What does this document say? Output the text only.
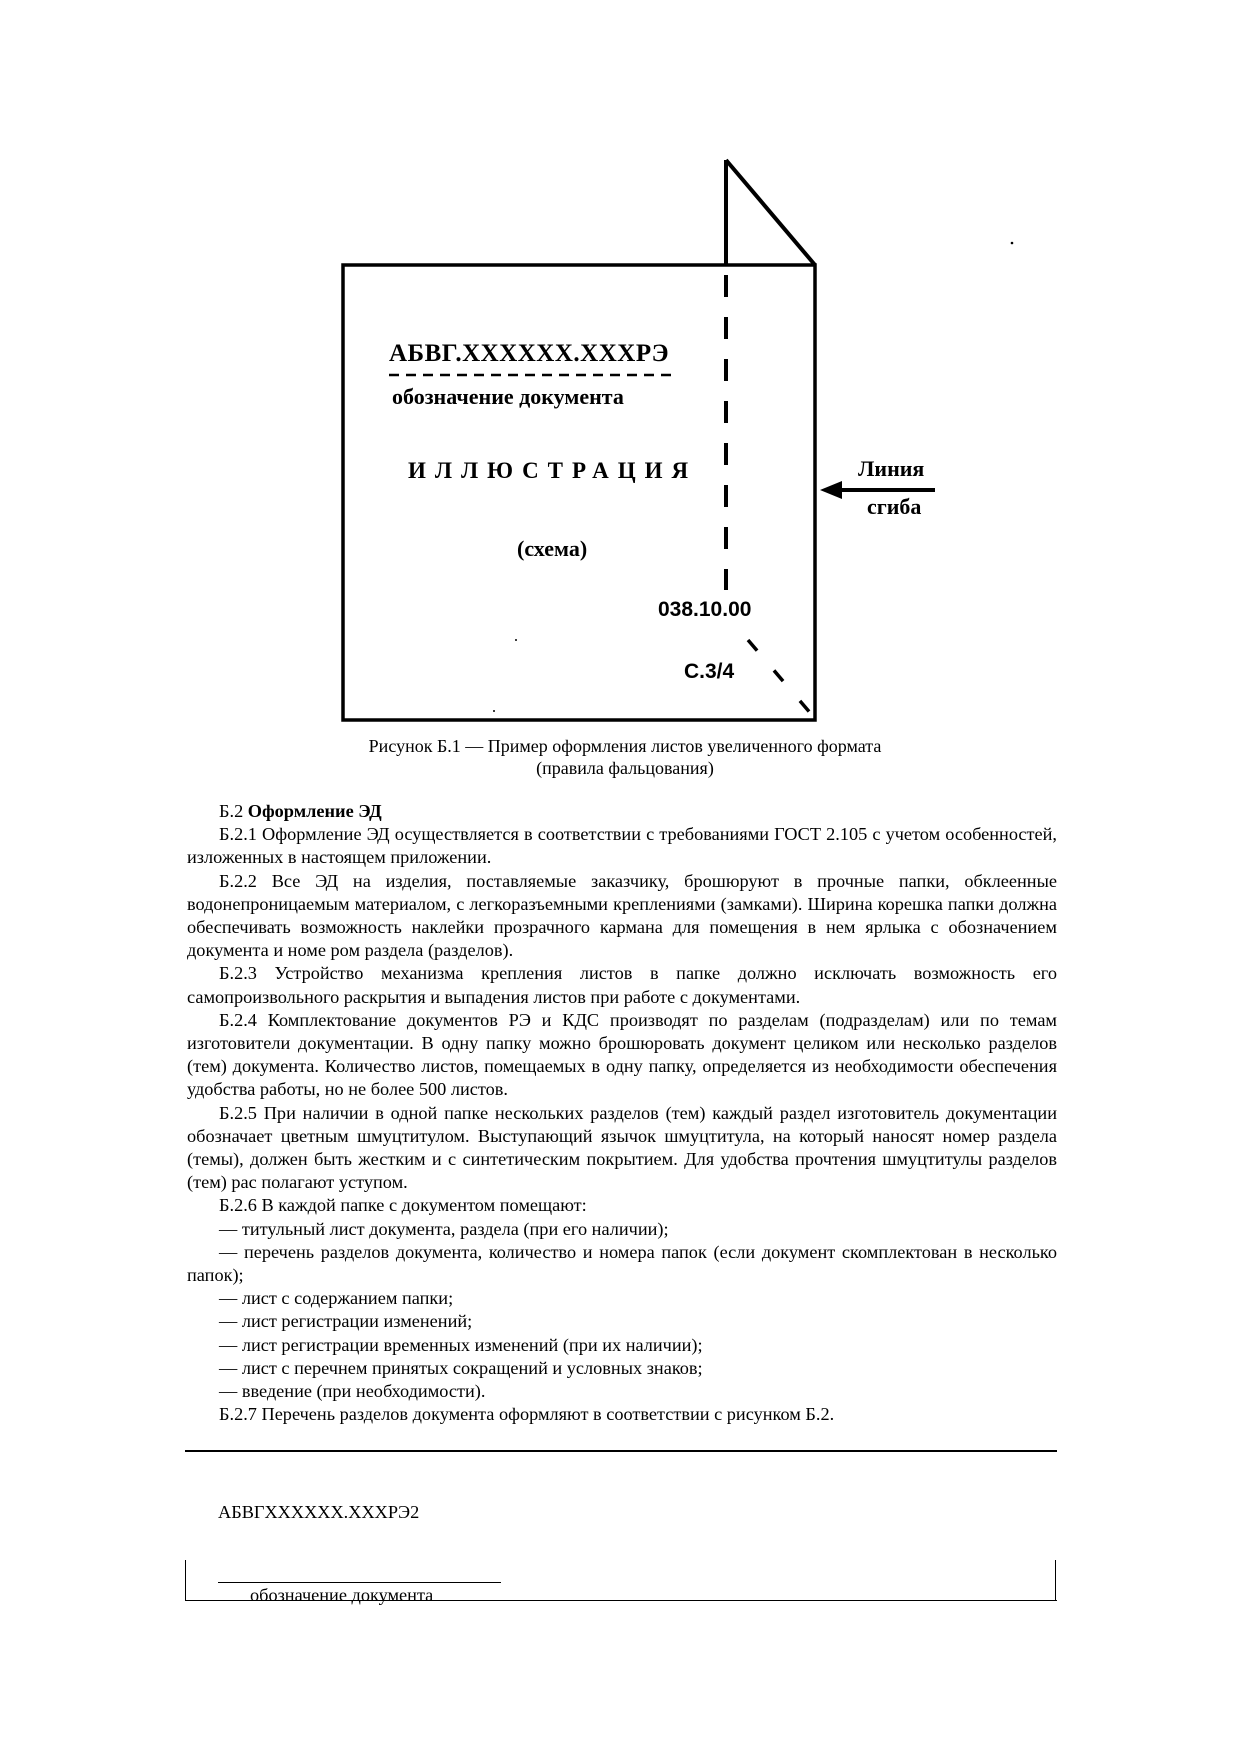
АБВГ.XXXXXX.XXXРЭ
обозначение документа
ИЛЛЮСТРАЦИЯ
(схема)
038.10.00
С.3/4
Линия
сгиба
Рисунок Б.1 — Пример оформления листов увеличенного формата
(правила фальцования)

Б.2 Оформление ЭД

Б.2.1 Оформление ЭД осуществляется в соответствии с требованиями ГОСТ 2.105 с учетом особенностей, изложенных в настоящем приложении.

Б.2.2 Все ЭД на изделия, поставляемые заказчику, брошюруют в прочные папки, обклеенные водонепроницаемым материалом, с легкоразъемными креплениями (замками). Ширина корешка папки должна обеспечивать возможность наклейки прозрачного кармана для помещения в нем ярлыка с обозначением документа и номе ром раздела (разделов).

Б.2.3 Устройство механизма крепления листов в папке должно исключать возможность его самопроизвольного раскрытия и выпадения листов при работе с документами.

Б.2.4 Комплектование документов РЭ и КДС производят по разделам (подразделам) или по темам изготовители документации. В одну папку можно брошюровать документ целиком или несколько разделов (тем) документа. Количество листов, помещаемых в одну папку, определяется из необходимости обеспечения удобства работы, но не более 500 листов.

Б.2.5 При наличии в одной папке нескольких разделов (тем) каждый раздел изготовитель документации обозначает цветным шмуцтитулом. Выступающий язычок шмуцтитула, на который наносят номер раздела (темы), должен быть жестким и с синтетическим покрытием. Для удобства прочтения шмуцтитулы разделов (тем) рас полагают уступом.

Б.2.6 В каждой папке с документом помещают:

— титульный лист документа, раздела (при его наличии);

— перечень разделов документа, количество и номера папок (если документ скомплектован в несколько папок);

— лист с содержанием папки;

— лист регистрации изменений;

— лист регистрации временных изменений (при их наличии);

— лист с перечнем принятых сокращений и условных знаков;

— введение (при необходимости).

Б.2.7 Перечень разделов документа оформляют в соответствии с рисунком Б.2.

АБВГХХХХХХ.ХХХРЭ2
обозначение документа
